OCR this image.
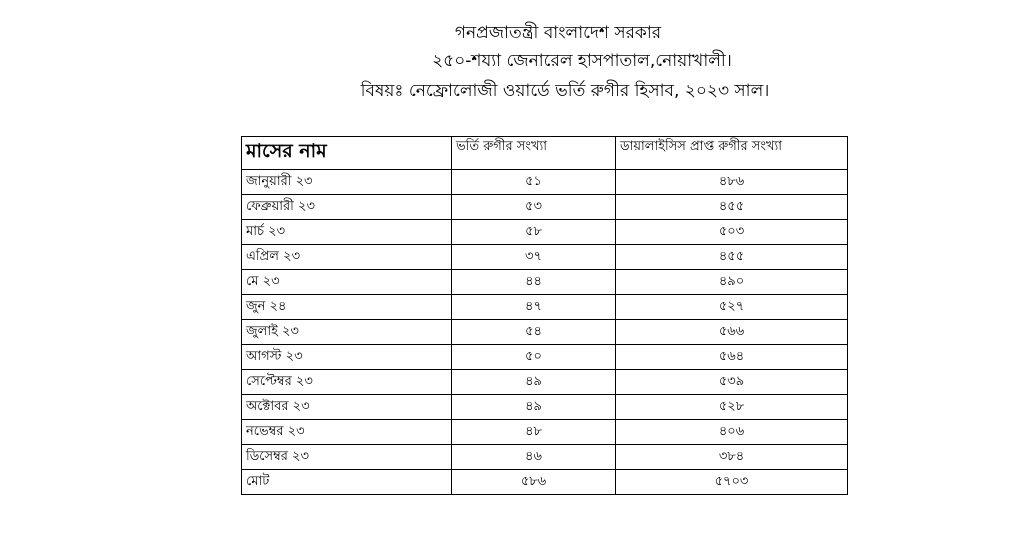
গনপ্রজাতন্ত্রী বাংলাদেশ সরকার

২৫০-শয্যা জেনারেল হাসপাতাল,নোয়াখালী।

বিষয়ঃ নেফ্রোলোজী ওয়ার্ডে ভর্তি রুগীর হিসাব, ২০২৩ সাল।

মাসের নাম	ভর্তি রুগীর সংখ্যা	ডায়ালাইসিস প্রাপ্ত রুগীর সংখ্যা
জানুয়ারী ২৩	৫১	৪৮৬
ফেব্রুয়ারী ২৩	৫৩	৪৫৫
মার্চ ২৩	৫৮	৫০৩
এপ্রিল ২৩	৩৭	৪৫৫
মে ২৩	৪৪	৪৯০
জুন ২৪	৪৭	৫২৭
জুলাই ২৩	৫৪	৫৬৬
আগস্ট ২৩	৫০	৫৬৪
সেপ্টেম্বর ২৩	৪৯	৫৩৯
অক্টোবর ২৩	৪৯	৫২৮
নভেম্বর ২৩	৪৮	৪০৬
ডিসেম্বর ২৩	৪৬	৩৮৪
মোট	৫৮৬	৫৭০৩
